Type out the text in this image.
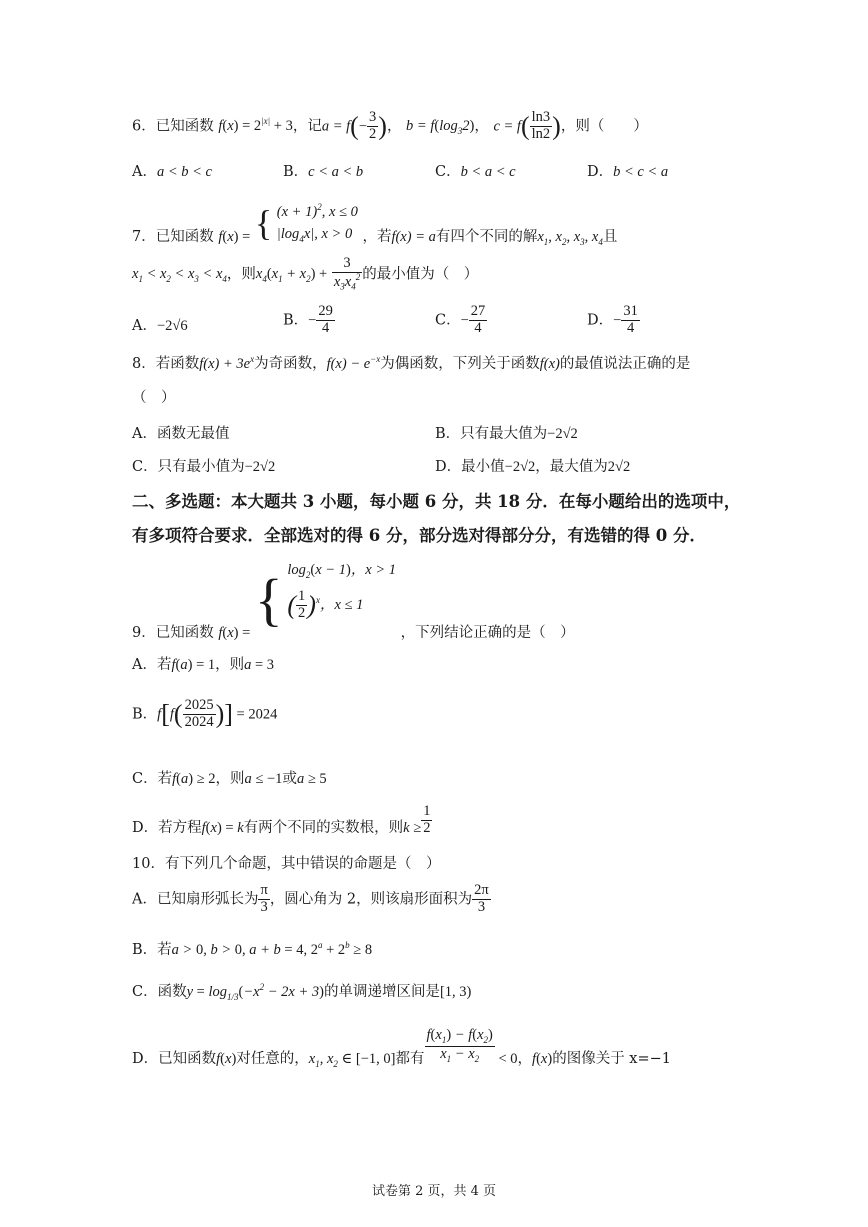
6．已知函数 $f(x) = 2^{|x|} + 3$，记$a = f(- \frac{3}{2}$ )， $b = f(\log_32)$， $c = f( \frac{\ln 3}{\ln 2}$ )，则（　　）
A．a < b < c	B．c < a < b	C．b < a < c	D．b < c < a
7．已知函数 f(x) = { $(x + 1)^2$, x ≤ 0
$|\log_4x|$, x > 0 ，若f(x) = a有四个不同的解$x_1$, $x_2$, $x_3$, $x_4$且
$x_1 < x_2 < x_3 < x_4$，则$x_4(x_1 + x_2) + \frac{3}{x_3x_4^2}$ 的最小值为（　）
A．−2√6	B．− $\frac{29}{4}$	C．− $\frac{27}{4}$	D．− $\frac{31}{4}$
8．若函数$f(x) + 3e^x$为奇函数，$f(x) - e^{-x}$为偶函数，下列关于函数f(x)的最值说法正确的是
（　）
A．函数无最值	B．只有最大值为−2√2
C．只有最小值为−2√2	D．最小值−2√2，最大值为2√2
二、多选题：本大题共 3 小题，每小题 6 分，共 18 分．在每小题给出的选项中，
有多项符合要求．全部选对的得 6 分，部分选对得部分分，有选错的得 0 分．
9．已知函数 f(x) = { $\log_2(x - 1)$，x > 1
( $\frac{1}{2} )^x$，x ≤ 1
，下列结论正确的是（　）
A．若f(a) = 1，则a = 3
B．$f[f( \frac{2025}{2024}$ )] = 2024
C．若f(a) ≥ 2，则a ≤ −1或a ≥ 5
D．若方程f(x) = k有两个不同的实数根，则$k \ge \frac{1}{2}$
10．有下列几个命题，其中错误的命题是（　）
A．已知扇形弧长为 $\frac{\pi}{3}$ ，圆心角为 2，则该扇形面积为 $\frac{2\pi}{3}$
B．若a > 0, b > 0, a + b = 4, $2^a + 2^b \ge 8$
C．函数$y = \log_{1/3}(-x^2 - 2x + 3)$的单调递增区间是[1, 3)
D．已知函数f(x)对任意的，$x_1$, $x_2$ ∈ [−1, 0]都有 $\frac{f(x_1) - f(x_2)}{x_1 - x_2} < 0$，f(x)的图像关于 x=−1
试卷第 2 页，共 4 页
